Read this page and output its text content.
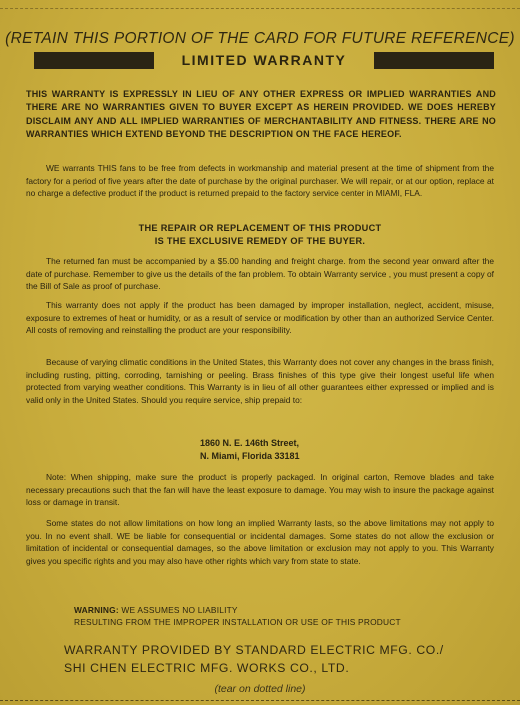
(RETAIN THIS PORTION OF THE CARD FOR FUTURE REFERENCE)
LIMITED WARRANTY
THIS WARRANTY IS EXPRESSLY IN LIEU OF ANY OTHER EXPRESS OR IMPLIED WARRANTIES AND THERE ARE NO WARRANTIES GIVEN TO BUYER EXCEPT AS HEREIN PROVIDED. WE DOES HEREBY DISCLAIM ANY AND ALL IMPLIED WARRANTIES OF MERCHANTABILITY AND FITNESS. THERE ARE NO WARRANTIES WHICH EXTEND BEYOND THE DESCRIPTION ON THE FACE HEREOF.
WE warrants THIS fans to be free from defects in workmanship and material present at the time of shipment from the factory for a period of five years after the date of purchase by the original purchaser. We will repair, or at our option, replace at no charge a defective product if the product is returned prepaid to the factory service center in MIAMI, FLA.
THE REPAIR OR REPLACEMENT OF THIS PRODUCT
IS THE EXCLUSIVE REMEDY OF THE BUYER.
The returned fan must be accompanied by a $5.00 handing and freight charge. from the second year onward after the date of purchase. Remember to give us the details of the fan problem. To obtain Warranty service , you must present a copy of the Bill of Sale as proof of purchase.
This warranty does not apply if the product has been damaged by improper installation, neglect, accident, misuse, exposure to extremes of heat or humidity, or as a result of service or modification by other than an authorized Service Center. All costs of removing and reinstalling the product are your responsibility.
Because of varying climatic conditions in the United States, this Warranty does not cover any changes in the brass finish, including rusting, pitting, corroding, tarnishing or peeling. Brass finishes of this type give their longest useful life when protected from varying weather conditions. This Warranty is in lieu of all other guarantees either expressed or implied and is valid only in the United States. Should you require service, ship prepaid to:
1860 N. E. 146th Street,
N. Miami, Florida 33181
Note: When shipping, make sure the product is properly packaged. In original carton, Remove blades and take necessary precautions such that the fan will have the least exposure to damage. You may wish to insure the package against loss or damage in transit.
Some states do not allow limitations on how long an implied Warranty lasts, so the above limitations may not apply to you. In no event shall. WE be liable for consequential or incidental damages. Some states do not allow the exclusion or limitation of incidental or consequential damages, so the above limitation or exclusion may not apply to you. This Warranty gives you specific rights and you may also have other rights which vary from state to state.
WARNING: WE ASSUMES NO LIABILITY
RESULTING FROM THE IMPROPER INSTALLATION OR USE OF THIS PRODUCT
WARRANTY PROVIDED BY STANDARD ELECTRIC MFG. CO./
SHI CHEN ELECTRIC MFG. WORKS CO., LTD.
(tear on dotted line)
